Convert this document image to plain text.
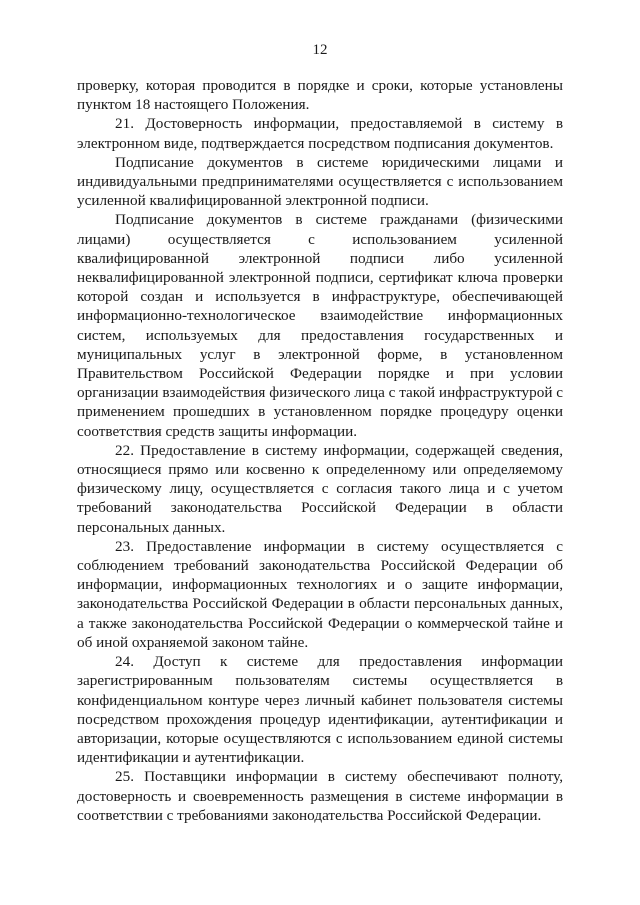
12

проверку, которая проводится в порядке и сроки, которые установлены пунктом 18 настоящего Положения.

21. Достоверность информации, предоставляемой в систему в электронном виде, подтверждается посредством подписания документов.

Подписание документов в системе юридическими лицами и индивидуальными предпринимателями осуществляется с использованием усиленной квалифицированной электронной подписи.

Подписание документов в системе гражданами (физическими лицами) осуществляется с использованием усиленной квалифицированной электронной подписи либо усиленной неквалифицированной электронной подписи, сертификат ключа проверки которой создан и используется в инфраструктуре, обеспечивающей информационно-технологическое взаимодействие информационных систем, используемых для предоставления государственных и муниципальных услуг в электронной форме, в установленном Правительством Российской Федерации порядке и при условии организации взаимодействия физического лица с такой инфраструктурой с применением прошедших в установленном порядке процедуру оценки соответствия средств защиты информации.

22. Предоставление в систему информации, содержащей сведения, относящиеся прямо или косвенно к определенному или определяемому физическому лицу, осуществляется с согласия такого лица и с учетом требований законодательства Российской Федерации в области персональных данных.

23. Предоставление информации в систему осуществляется с соблюдением требований законодательства Российской Федерации об информации, информационных технологиях и о защите информации, законодательства Российской Федерации в области персональных данных, а также законодательства Российской Федерации о коммерческой тайне и об иной охраняемой законом тайне.

24. Доступ к системе для предоставления информации зарегистрированным пользователям системы осуществляется в конфиденциальном контуре через личный кабинет пользователя системы посредством прохождения процедур идентификации, аутентификации и авторизации, которые осуществляются с использованием единой системы идентификации и аутентификации.

25. Поставщики информации в систему обеспечивают полноту, достоверность и своевременность размещения в системе информации в соответствии с требованиями законодательства Российской Федерации.
